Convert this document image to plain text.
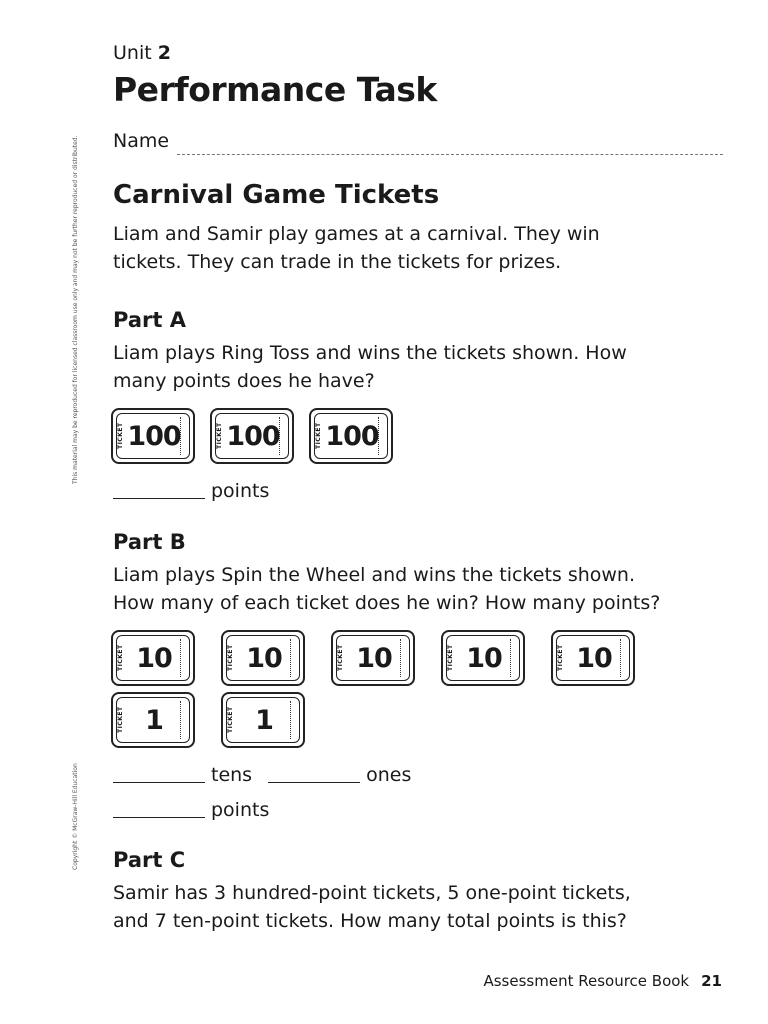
This material may be reproduced for licensed classroom use only and may not be further reproduced or distributed.
Copyright © McGraw-Hill Education
Unit 2
Performance Task
Name
Carnival Game Tickets
Liam and Samir play games at a carnival. They win
tickets. They can trade in the tickets for prizes.
Part A
Liam plays Ring Toss and wins the tickets shown. How
many points does he have?
TICKET 100	TICKET 100	TICKET 100
points
Part B
Liam plays Spin the Wheel and wins the tickets shown.
How many of each ticket does he win? How many points?
TICKET 10	TICKET 10	TICKET 10	TICKET 10	TICKET 10
TICKET 1	TICKET 1
tens	ones
points
Part C
Samir has 3 hundred-point tickets, 5 one-point tickets,
and 7 ten-point tickets. How many total points is this?
Assessment Resource Book 21
